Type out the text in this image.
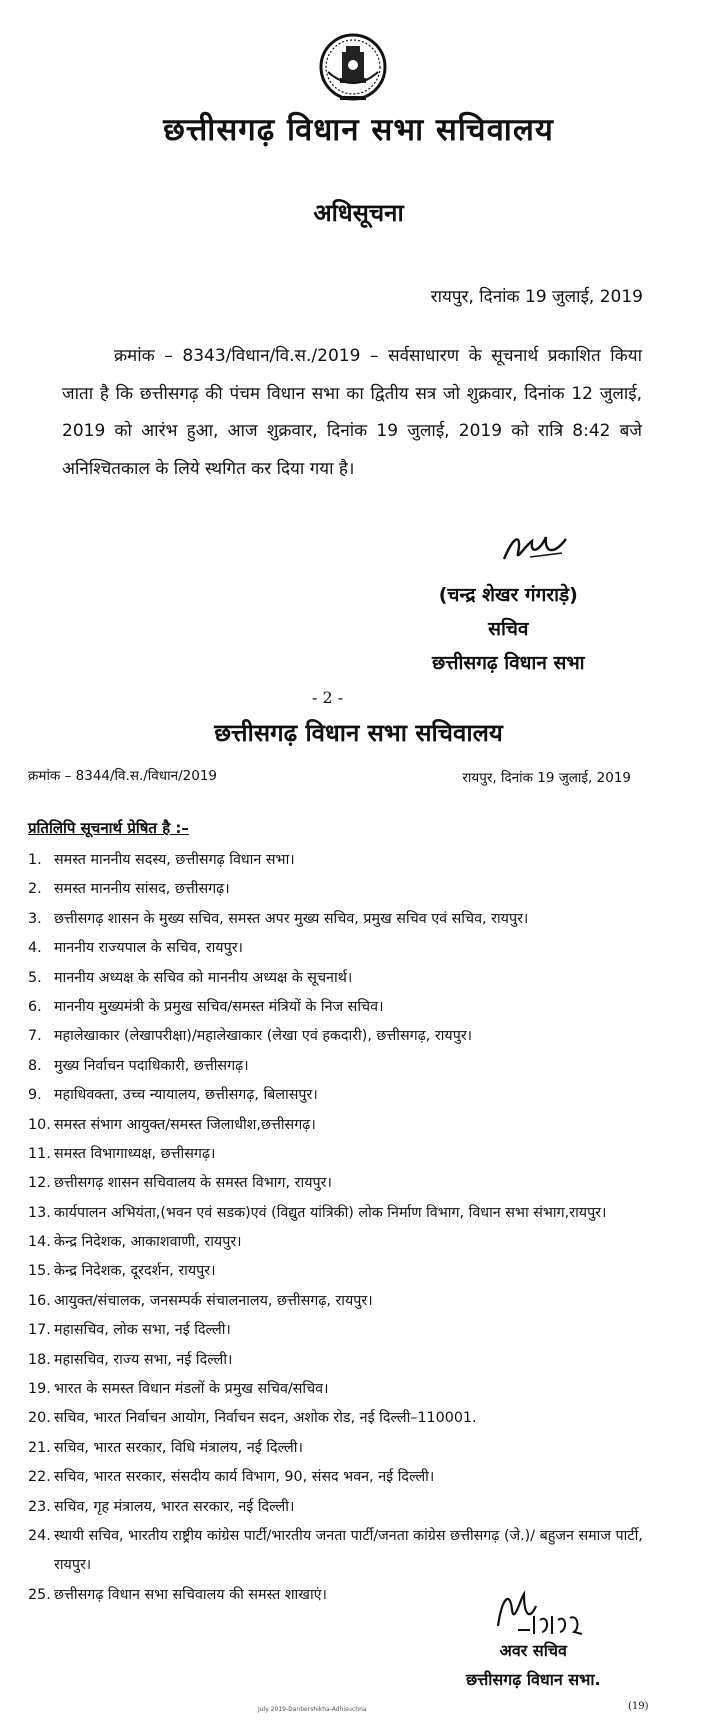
छत्तीसगढ़ विधान सभा सचिवालय
अधिसूचना
रायपुर, दिनांक 19 जुलाई, 2019
क्रमांक – 8343/विधान/वि.स./2019 – सर्वसाधारण के सूचनार्थ प्रकाशित किया जाता है कि छत्तीसगढ़ की पंचम विधान सभा का द्वितीय सत्र जो शुक्रवार, दिनांक 12 जुलाई, 2019 को आरंभ हुआ, आज शुक्रवार, दिनांक 19 जुलाई, 2019 को रात्रि 8:42 बजे अनिश्चितकाल के लिये स्थगित कर दिया गया है।
(चन्द्र शेखर गंगराड़े)
सचिव
छत्तीसगढ़ विधान सभा
- 2 -
छत्तीसगढ़ विधान सभा सचिवालय
क्रमांक – 8344/वि.स./विधान/2019	रायपुर, दिनांक 19 जुलाई, 2019
प्रतिलिपि सूचनार्थ प्रेषित है :–
1. समस्त माननीय सदस्य, छत्तीसगढ़ विधान सभा।
2. समस्त माननीय सांसद, छत्तीसगढ़।
3. छत्तीसगढ़ शासन के मुख्य सचिव, समस्त अपर मुख्य सचिव, प्रमुख सचिव एवं सचिव, रायपुर।
4. माननीय राज्यपाल के सचिव, रायपुर।
5. माननीय अध्यक्ष के सचिव को माननीय अध्यक्ष के सूचनार्थ।
6. माननीय मुख्यमंत्री के प्रमुख सचिव/समस्त मंत्रियों के निज सचिव।
7. महालेखाकार (लेखापरीक्षा)/महालेखाकार (लेखा एवं हकदारी), छत्तीसगढ़, रायपुर।
8. मुख्य निर्वाचन पदाधिकारी, छत्तीसगढ़।
9. महाधिवक्ता, उच्च न्यायालय, छत्तीसगढ़, बिलासपुर।
10. समस्त संभाग आयुक्त/समस्त जिलाधीश,छत्तीसगढ़।
11. समस्त विभागाध्यक्ष, छत्तीसगढ़।
12. छत्तीसगढ़ शासन सचिवालय के समस्त विभाग, रायपुर।
13. कार्यपालन अभियंता,(भवन एवं सडक)एवं (विद्युत यांत्रिकी) लोक निर्माण विभाग, विधान सभा संभाग,रायपुर।
14. केन्द्र निदेशक, आकाशवाणी, रायपुर।
15. केन्द्र निदेशक, दूरदर्शन, रायपुर।
16. आयुक्त/संचालक, जनसम्पर्क संचालनालय, छत्तीसगढ़, रायपुर।
17. महासचिव, लोक सभा, नई दिल्ली।
18. महासचिव, राज्य सभा, नई दिल्ली।
19. भारत के समस्त विधान मंडलों के प्रमुख सचिव/सचिव।
20. सचिव, भारत निर्वाचन आयोग, निर्वाचन सदन, अशोक रोड, नई दिल्ली–110001.
21. सचिव, भारत सरकार, विधि मंत्रालय, नई दिल्ली।
22. सचिव, भारत सरकार, संसदीय कार्य विभाग, 90, संसद भवन, नई दिल्ली।
23. सचिव, गृह मंत्रालय, भारत सरकार, नई दिल्ली।
24. स्थायी सचिव, भारतीय राष्ट्रीय कांग्रेस पार्टी/भारतीय जनता पार्टी/जनता कांग्रेस छत्तीसगढ़ (जे.)/ बहुजन समाज पार्टी, रायपुर।
25. छत्तीसगढ़ विधान सभा सचिवालय की समस्त शाखाएं।
अवर सचिव
छत्तीसगढ़ विधान सभा.
July 2019-Danbershikha-Adhisuchna	(19)
